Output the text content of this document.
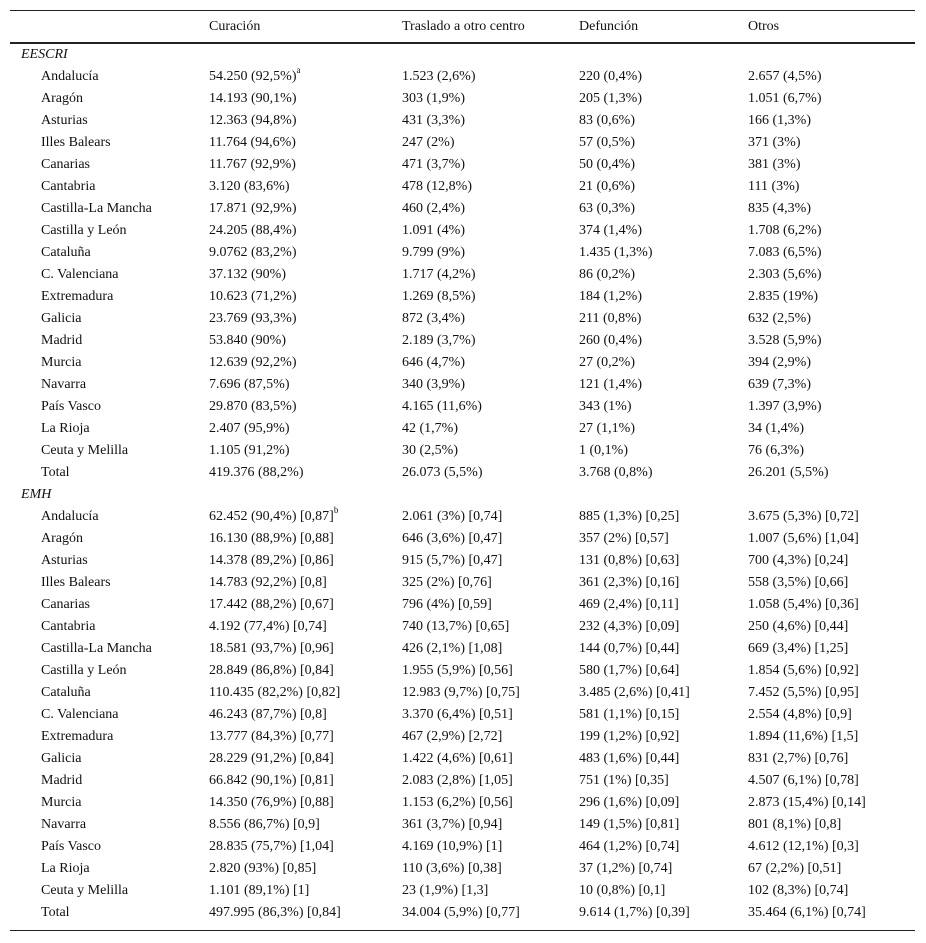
Curación	Traslado a otro centro	Defunción	Otros
EESCRI
Andalucía	54.250 $(92,5\%)^a$	1.523 (2,6%)	220 (0,4%)	2.657 (4,5%)
Aragón	14.193 (90,1%)	303 (1,9%)	205 (1,3%)	1.051 (6,7%)
Asturias	12.363 (94,8%)	431 (3,3%)	83 (0,6%)	166 (1,3%)
Illes Balears	11.764 (94,6%)	247 (2%)	57 (0,5%)	371 (3%)
Canarias	11.767 (92,9%)	471 (3,7%)	50 (0,4%)	381 (3%)
Cantabria	3.120 (83,6%)	478 (12,8%)	21 (0,6%)	111 (3%)
Castilla-La Mancha	17.871 (92,9%)	460 (2,4%)	63 (0,3%)	835 (4,3%)
Castilla y León	24.205 (88,4%)	1.091 (4%)	374 (1,4%)	1.708 (6,2%)
Cataluña	9.0762 (83,2%)	9.799 (9%)	1.435 (1,3%)	7.083 (6,5%)
C. Valenciana	37.132 (90%)	1.717 (4,2%)	86 (0,2%)	2.303 (5,6%)
Extremadura	10.623 (71,2%)	1.269 (8,5%)	184 (1,2%)	2.835 (19%)
Galicia	23.769 (93,3%)	872 (3,4%)	211 (0,8%)	632 (2,5%)
Madrid	53.840 (90%)	2.189 (3,7%)	260 (0,4%)	3.528 (5,9%)
Murcia	12.639 (92,2%)	646 (4,7%)	27 (0,2%)	394 (2,9%)
Navarra	7.696 (87,5%)	340 (3,9%)	121 (1,4%)	639 (7,3%)
País Vasco	29.870 (83,5%)	4.165 (11,6%)	343 (1%)	1.397 (3,9%)
La Rioja	2.407 (95,9%)	42 (1,7%)	27 (1,1%)	34 (1,4%)
Ceuta y Melilla	1.105 (91,2%)	30 (2,5%)	1 (0,1%)	76 (6,3%)
Total	419.376 (88,2%)	26.073 (5,5%)	3.768 (0,8%)	26.201 (5,5%)
EMH
Andalucía	62.452 (90,4%) $[0,87]^b$	2.061 (3%) [0,74]	885 (1,3%) [0,25]	3.675 (5,3%) [0,72]
Aragón	16.130 (88,9%) [0,88]	646 (3,6%) [0,47]	357 (2%) [0,57]	1.007 (5,6%) [1,04]
Asturias	14.378 (89,2%) [0,86]	915 (5,7%) [0,47]	131 (0,8%) [0,63]	700 (4,3%) [0,24]
Illes Balears	14.783 (92,2%) [0,8]	325 (2%) [0,76]	361 (2,3%) [0,16]	558 (3,5%) [0,66]
Canarias	17.442 (88,2%) [0,67]	796 (4%) [0,59]	469 (2,4%) [0,11]	1.058 (5,4%) [0,36]
Cantabria	4.192 (77,4%) [0,74]	740 (13,7%) [0,65]	232 (4,3%) [0,09]	250 (4,6%) [0,44]
Castilla-La Mancha	18.581 (93,7%) [0,96]	426 (2,1%) [1,08]	144 (0,7%) [0,44]	669 (3,4%) [1,25]
Castilla y León	28.849 (86,8%) [0,84]	1.955 (5,9%) [0,56]	580 (1,7%) [0,64]	1.854 (5,6%) [0,92]
Cataluña	110.435 (82,2%) [0,82]	12.983 (9,7%) [0,75]	3.485 (2,6%) [0,41]	7.452 (5,5%) [0,95]
C. Valenciana	46.243 (87,7%) [0,8]	3.370 (6,4%) [0,51]	581 (1,1%) [0,15]	2.554 (4,8%) [0,9]
Extremadura	13.777 (84,3%) [0,77]	467 (2,9%) [2,72]	199 (1,2%) [0,92]	1.894 (11,6%) [1,5]
Galicia	28.229 (91,2%) [0,84]	1.422 (4,6%) [0,61]	483 (1,6%) [0,44]	831 (2,7%) [0,76]
Madrid	66.842 (90,1%) [0,81]	2.083 (2,8%) [1,05]	751 (1%) [0,35]	4.507 (6,1%) [0,78]
Murcia	14.350 (76,9%) [0,88]	1.153 (6,2%) [0,56]	296 (1,6%) [0,09]	2.873 (15,4%) [0,14]
Navarra	8.556 (86,7%) [0,9]	361 (3,7%) [0,94]	149 (1,5%) [0,81]	801 (8,1%) [0,8]
País Vasco	28.835 (75,7%) [1,04]	4.169 (10,9%) [1]	464 (1,2%) [0,74]	4.612 (12,1%) [0,3]
La Rioja	2.820 (93%) [0,85]	110 (3,6%) [0,38]	37 (1,2%) [0,74]	67 (2,2%) [0,51]
Ceuta y Melilla	1.101 (89,1%) [1]	23 (1,9%) [1,3]	10 (0,8%) [0,1]	102 (8,3%) [0,74]
Total	497.995 (86,3%) [0,84]	34.004 (5,9%) [0,77]	9.614 (1,7%) [0,39]	35.464 (6,1%) [0,74]
